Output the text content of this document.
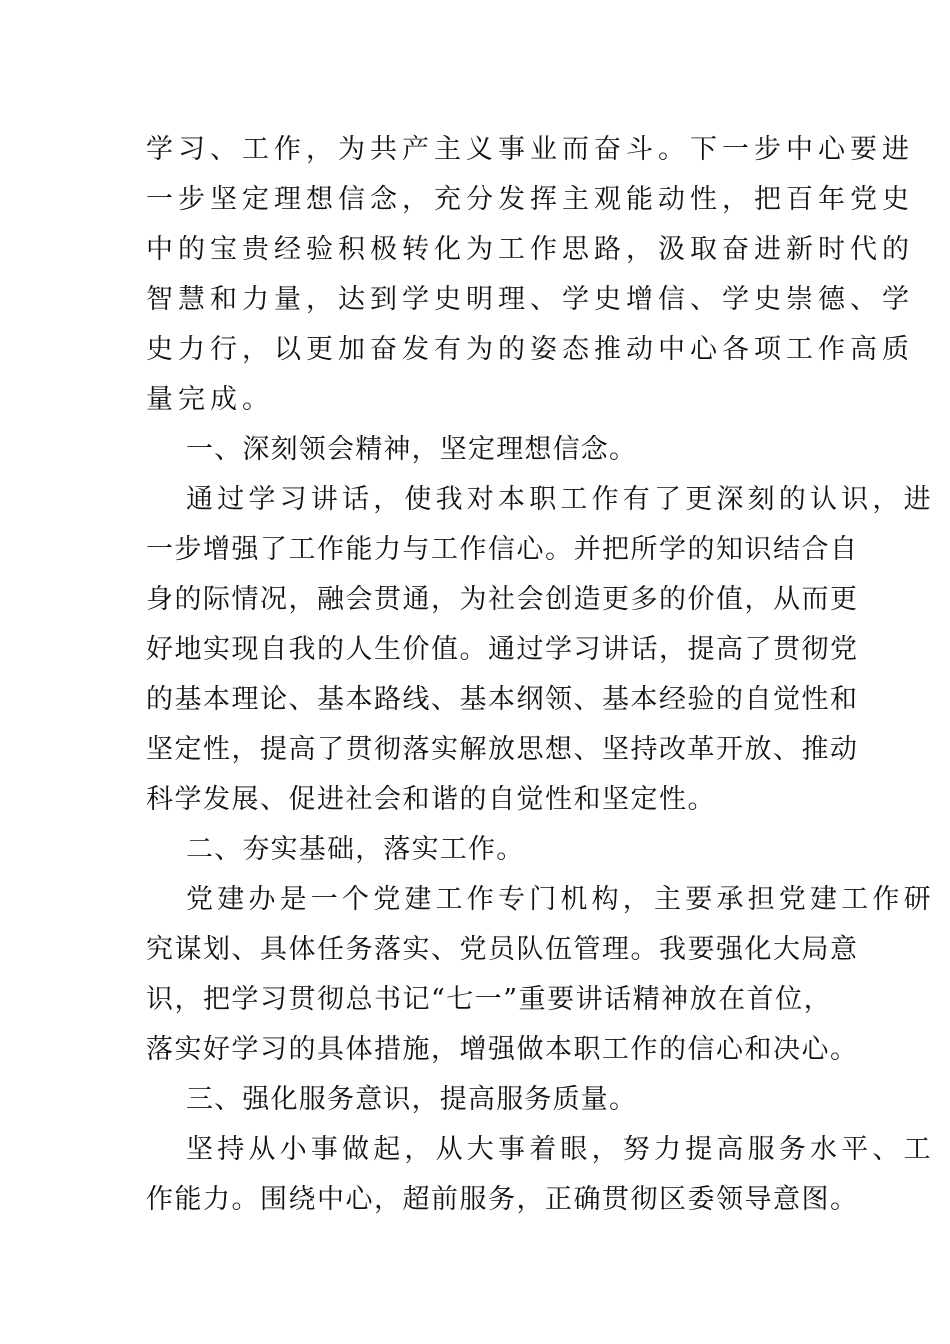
学习、工作，为共产主义事业而奋斗。下一步中心要进
一步坚定理想信念，充分发挥主观能动性，把百年党史
中的宝贵经验积极转化为工作思路，汲取奋进新时代的
智慧和力量，达到学史明理、学史增信、学史崇德、学
史力行，以更加奋发有为的姿态推动中心各项工作高质
量完成。
一、深刻领会精神，坚定理想信念。
通过学习讲话，使我对本职工作有了更深刻的认识，进
一步增强了工作能力与工作信心。并把所学的知识结合自
身的际情况，融会贯通，为社会创造更多的价值，从而更
好地实现自我的人生价值。通过学习讲话，提高了贯彻党
的基本理论、基本路线、基本纲领、基本经验的自觉性和
坚定性，提高了贯彻落实解放思想、坚持改革开放、推动
科学发展、促进社会和谐的自觉性和坚定性。
二、夯实基础，落实工作。
党建办是一个党建工作专门机构，主要承担党建工作研
究谋划、具体任务落实、党员队伍管理。我要强化大局意
识，把学习贯彻总书记“七一”重要讲话精神放在首位，
落实好学习的具体措施，增强做本职工作的信心和决心。
三、强化服务意识，提高服务质量。
坚持从小事做起，从大事着眼，努力提高服务水平、工
作能力。围绕中心，超前服务，正确贯彻区委领导意图。
